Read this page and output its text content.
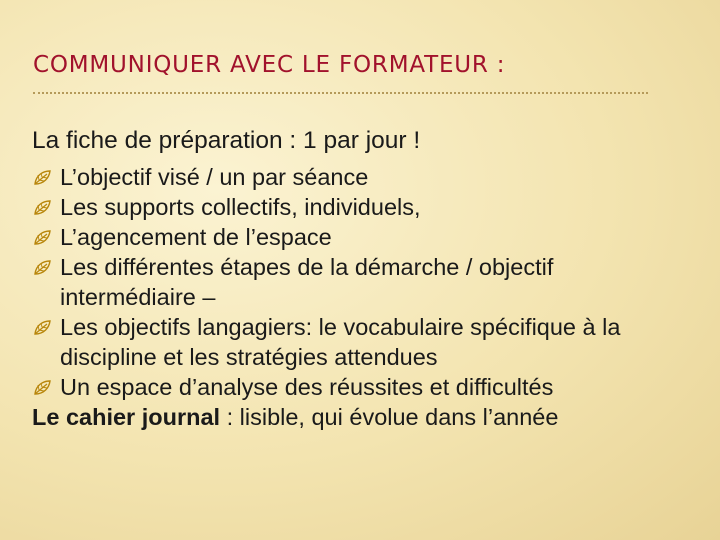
COMMUNIQUER AVEC LE FORMATEUR :
La fiche de préparation : 1 par jour !
L’objectif visé / un par séance
Les supports collectifs, individuels,
L’agencement de l’espace
Les différentes étapes de la démarche / objectif intermédiaire –
Les objectifs langagiers: le vocabulaire spécifique à la discipline et les stratégies attendues
Un espace d’analyse des réussites et difficultés
Le cahier journal : lisible, qui évolue dans l’année
